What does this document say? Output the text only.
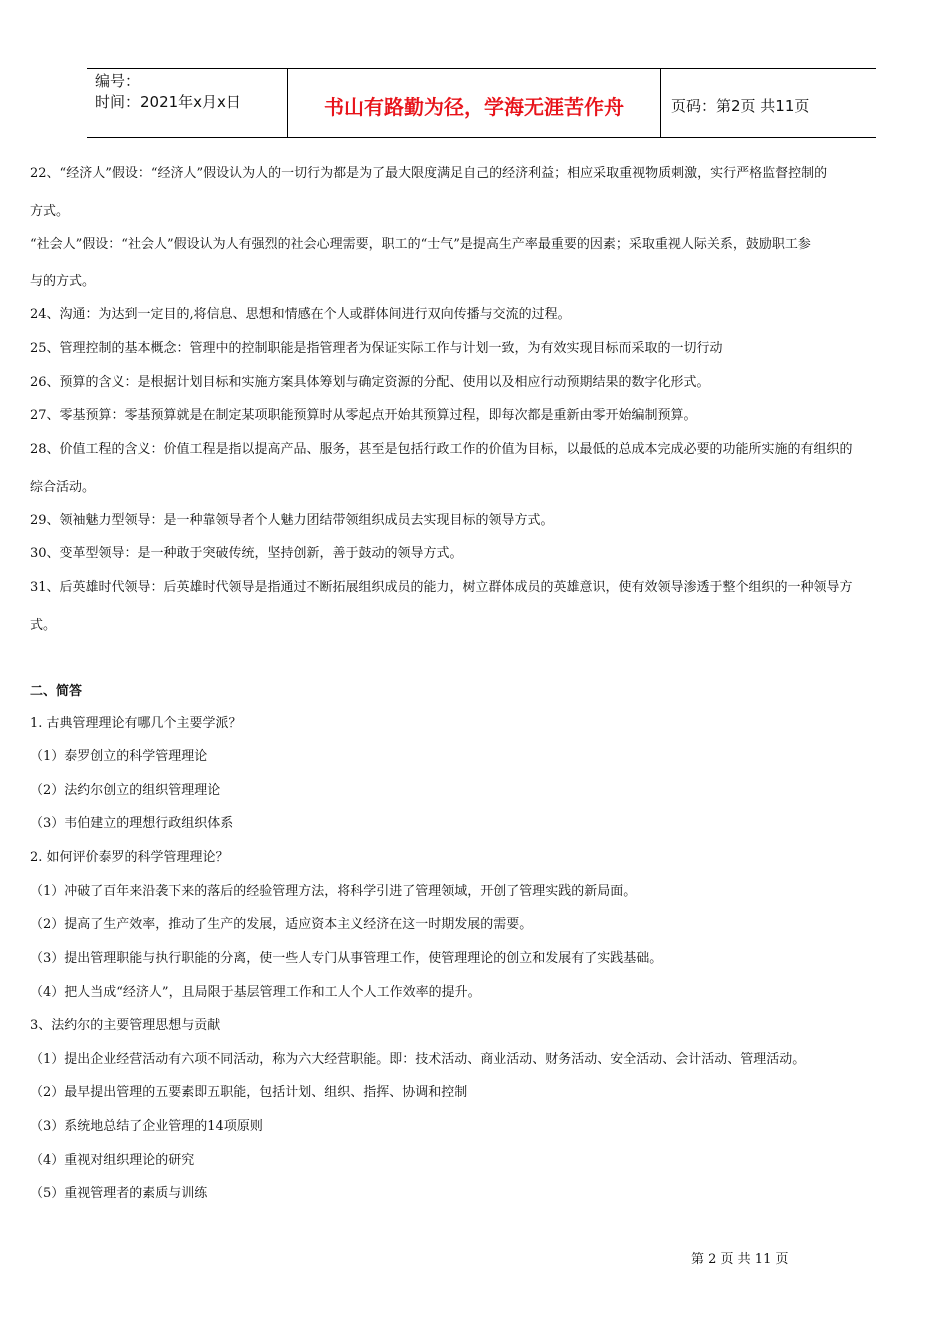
编号：
时间：2021年x月x日	书山有路勤为径，学海无涯苦作舟	页码：第2页 共11页
22、“经济人”假设：“经济人”假设认为人的一切行为都是为了最大限度满足自己的经济利益；相应采取重视物质刺激，实行严格监督控制的
方式。
“社会人”假设：“社会人”假设认为人有强烈的社会心理需要，职工的“士气”是提高生产率最重要的因素；采取重视人际关系，鼓励职工参
与的方式。
24、沟通：为达到一定目的,将信息、思想和情感在个人或群体间进行双向传播与交流的过程。
25、管理控制的基本概念：管理中的控制职能是指管理者为保证实际工作与计划一致，为有效实现目标而采取的一切行动
26、预算的含义：是根据计划目标和实施方案具体筹划与确定资源的分配、使用以及相应行动预期结果的数字化形式。
27、零基预算：零基预算就是在制定某项职能预算时从零起点开始其预算过程，即每次都是重新由零开始编制预算。
28、价值工程的含义：价值工程是指以提高产品、服务，甚至是包括行政工作的价值为目标，以最低的总成本完成必要的功能所实施的有组织的
综合活动。
29、领袖魅力型领导：是一种靠领导者个人魅力团结带领组织成员去实现目标的领导方式。
30、变革型领导：是一种敢于突破传统，坚持创新，善于鼓动的领导方式。
31、后英雄时代领导：后英雄时代领导是指通过不断拓展组织成员的能力，树立群体成员的英雄意识，使有效领导渗透于整个组织的一种领导方
式。
二、简答
1. 古典管理理论有哪几个主要学派？
（1）泰罗创立的科学管理理论
（2）法约尔创立的组织管理理论
（3）韦伯建立的理想行政组织体系
2. 如何评价泰罗的科学管理理论？
（1）冲破了百年来沿袭下来的落后的经验管理方法，将科学引进了管理领域，开创了管理实践的新局面。
（2）提高了生产效率，推动了生产的发展，适应资本主义经济在这一时期发展的需要。
（3）提出管理职能与执行职能的分离，使一些人专门从事管理工作，使管理理论的创立和发展有了实践基础。
（4）把人当成“经济人”，且局限于基层管理工作和工人个人工作效率的提升。
3、法约尔的主要管理思想与贡献
（1）提出企业经营活动有六项不同活动，称为六大经营职能。即：技术活动、商业活动、财务活动、安全活动、会计活动、管理活动。
（2）最早提出管理的五要素即五职能，包括计划、组织、指挥、协调和控制
（3）系统地总结了企业管理的14项原则
（4）重视对组织理论的研究
（5）重视管理者的素质与训练
第 2 页 共 11 页
